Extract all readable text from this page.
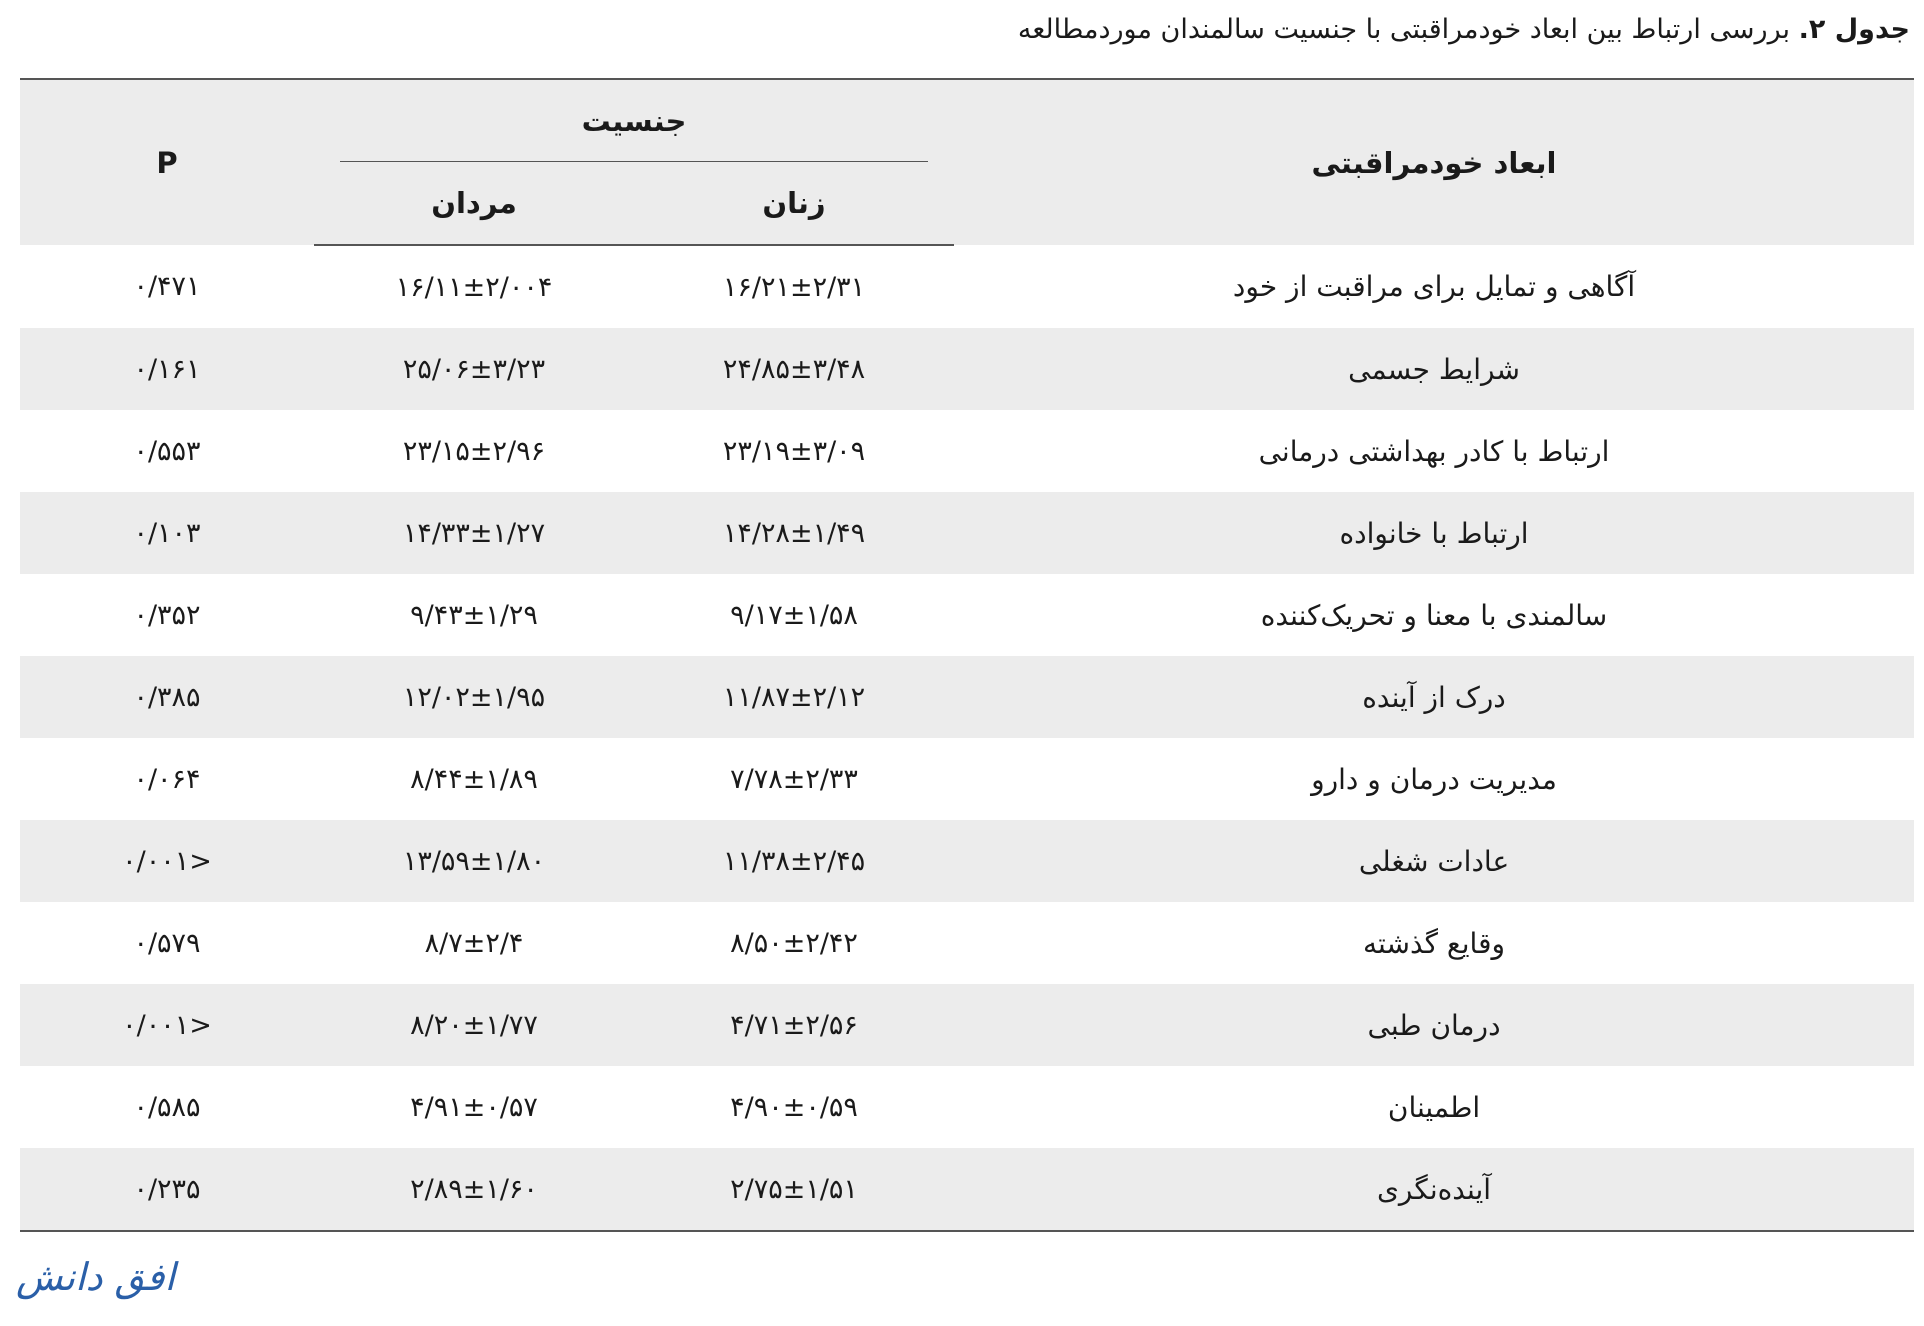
جدول ۲. بررسی ارتباط بین ابعاد خودمراقبتی با جنسیت سالمندان موردمطالعه
ابعاد خودمراقبتی	جنسیت		P
	زنان	مردان	
آگاهی و تمایل برای مراقبت از خود	۱۶/۲۱±۲/۳۱	۱۶/۱۱±۲/۰۰۴	۰/۴۷۱
شرایط جسمی	۲۴/۸۵±۳/۴۸	۲۵/۰۶±۳/۲۳	۰/۱۶۱
ارتباط با کادر بهداشتی درمانی	۲۳/۱۹±۳/۰۹	۲۳/۱۵±۲/۹۶	۰/۵۵۳
ارتباط با خانواده	۱۴/۲۸±۱/۴۹	۱۴/۳۳±۱/۲۷	۰/۱۰۳
سالمندی با معنا و تحریک‌کننده	۹/۱۷±۱/۵۸	۹/۴۳±۱/۲۹	۰/۳۵۲
درک از آینده	۱۱/۸۷±۲/۱۲	۱۲/۰۲±۱/۹۵	۰/۳۸۵
مدیریت درمان و دارو	۷/۷۸±۲/۳۳	۸/۴۴±۱/۸۹	۰/۰۶۴
عادات شغلی	۱۱/۳۸±۲/۴۵	۱۳/۵۹±۱/۸۰	<۰/۰۰۱
وقایع گذشته	۸/۵۰±۲/۴۲	۸/۷±۲/۴	۰/۵۷۹
درمان طبی	۴/۷۱±۲/۵۶	۸/۲۰±۱/۷۷	<۰/۰۰۱
اطمینان	۴/۹۰±۰/۵۹	۴/۹۱±۰/۵۷	۰/۵۸۵
آینده‌نگری	۲/۷۵±۱/۵۱	۲/۸۹±۱/۶۰	۰/۲۳۵
افق دانش
